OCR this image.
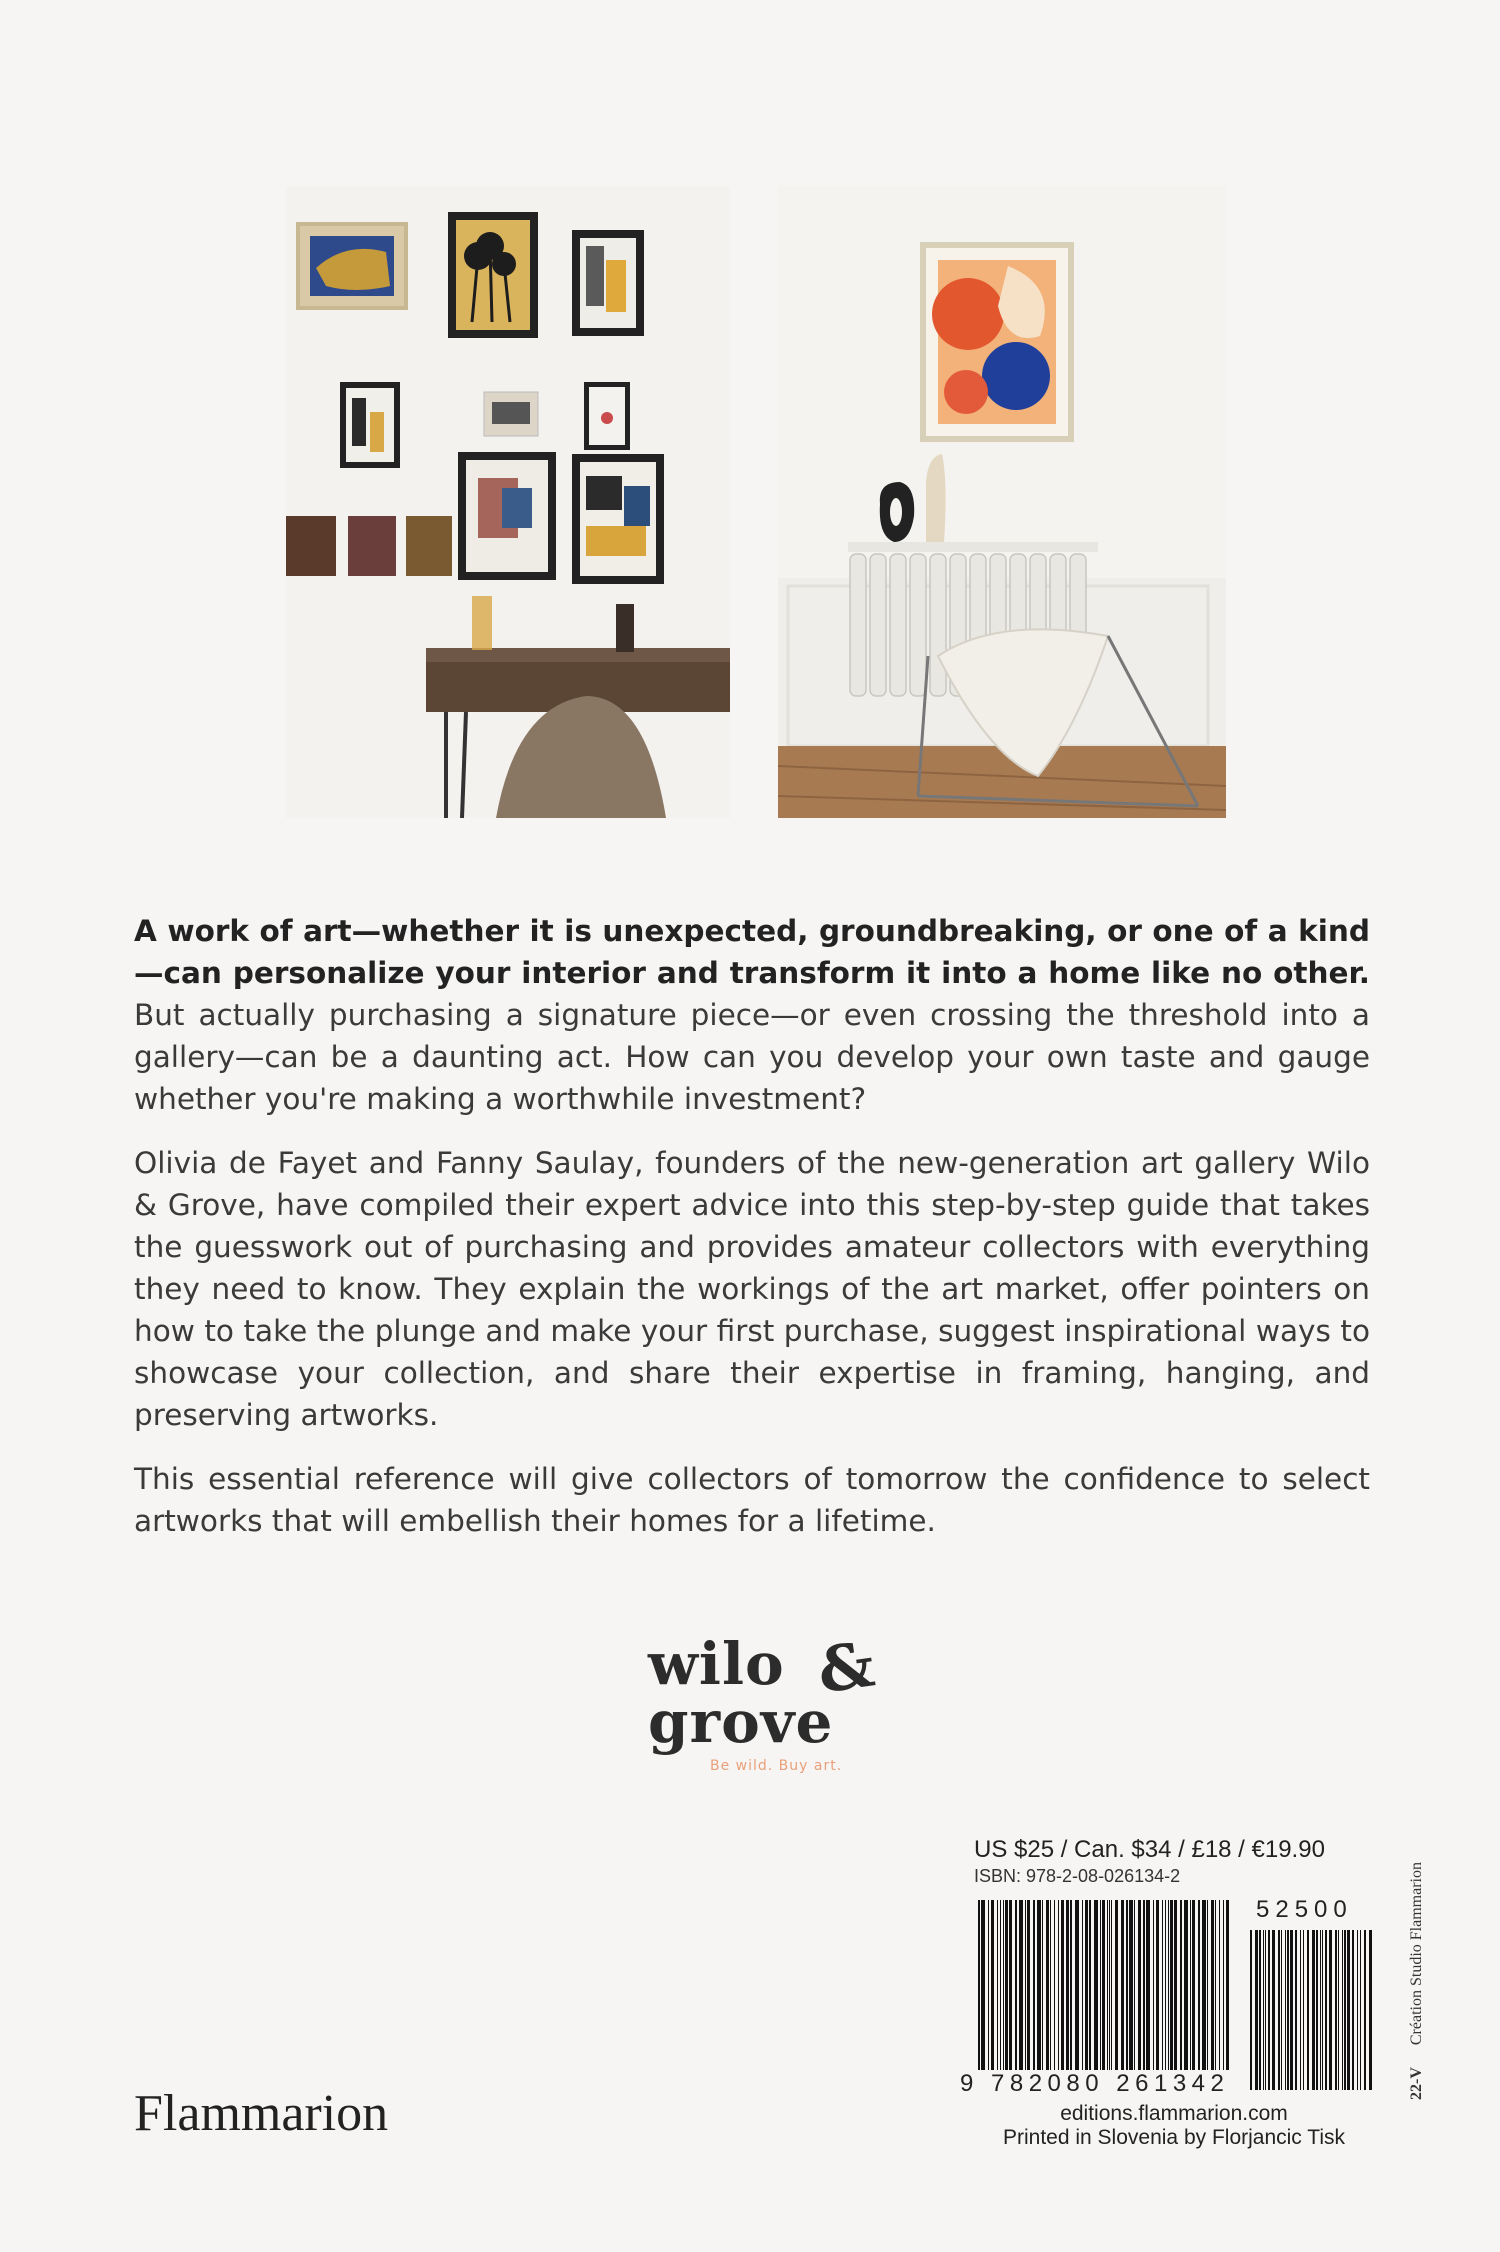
A work of art—whether it is unexpected, groundbreaking, or one of a kind—can personalize your interior and transform it into a home like no other. But actually purchasing a signature piece—or even crossing the threshold into a gallery—can be a daunting act. How can you develop your own taste and gauge whether you're making a worthwhile investment?

Olivia de Fayet and Fanny Saulay, founders of the new-generation art gallery Wilo & Grove, have compiled their expert advice into this step-by-step guide that takes the guesswork out of purchasing and provides amateur collectors with everything they need to know. They explain the workings of the art market, offer pointers on how to take the plunge and make your first purchase, suggest inspirational ways to showcase your collection, and share their expertise in framing, hanging, and preserving artworks.

This essential reference will give collectors of tomorrow the confidence to select artworks that will embellish their homes for a lifetime.

wilo &
grove
Be wild. Buy art.
US $25 / Can. $34 / £18 / €19.90
ISBN: 978-2-08-026134-2
52500
9 782080 261342
editions.flammarion.com
Printed in Slovenia by Florjancic Tisk
Flammarion
22-V Création Studio Flammarion
